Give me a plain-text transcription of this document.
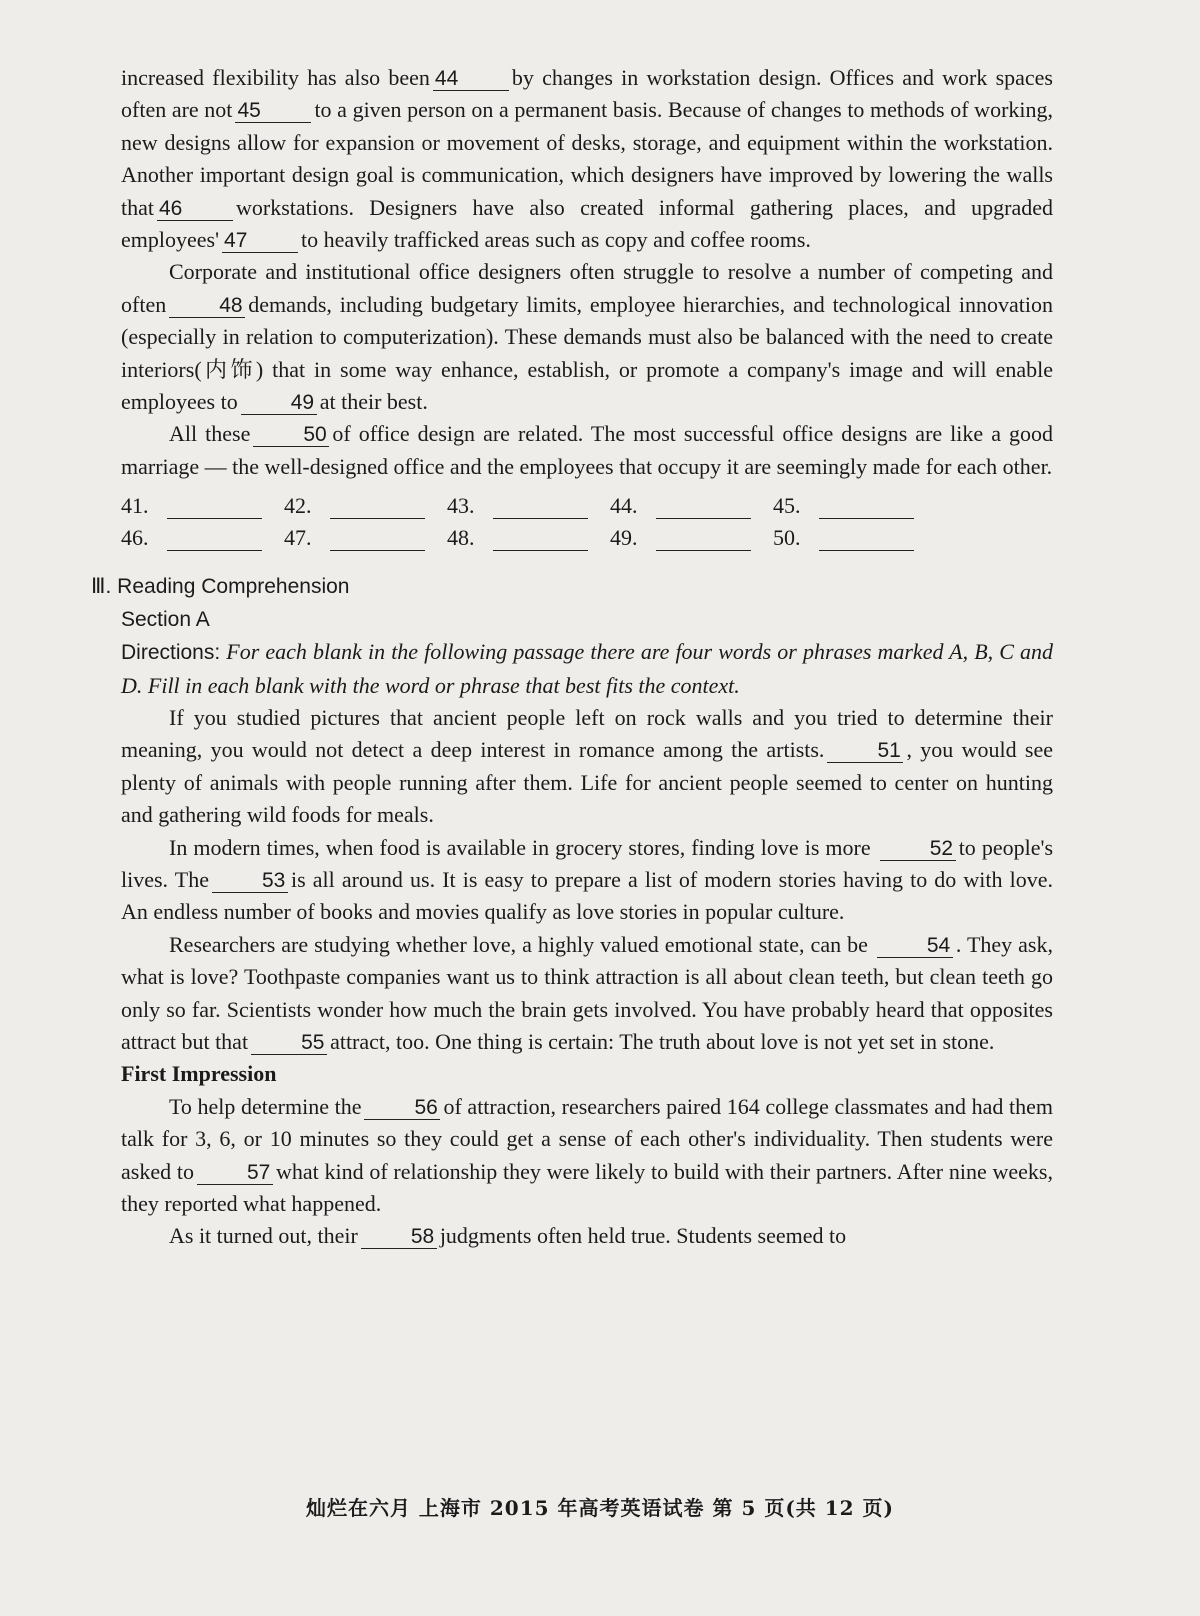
increased flexibility has also been 44 by changes in workstation design. Offices and work spaces often are not 45 to a given person on a permanent basis. Because of changes to methods of working, new designs allow for expansion or movement of desks, storage, and equipment within the workstation. Another important design goal is communication, which designers have improved by lowering the walls that 46 workstations. Designers have also created informal gathering places, and upgraded employees' 47 to heavily trafficked areas such as copy and coffee rooms.

Corporate and institutional office designers often struggle to resolve a number of competing and often	48 demands, including budgetary limits, employee hierarchies, and technological innovation (especially in relation to computerization). These demands must also be balanced with the need to create interiors(内饰) that in some way enhance, establish, or promote a company's image and will enable employees to	49 at their best.

All these	50 of office design are related. The most successful office designs are like a good marriage — the well-designed office and the employees that occupy it are seemingly made for each other.

41.	42.	43.	44.	45.
46.	47.	48.	49.	50.
Ⅲ. Reading Comprehension
Section A
Directions: For each blank in the following passage there are four words or phrases marked A, B, C and D. Fill in each blank with the word or phrase that best fits the context.

If you studied pictures that ancient people left on rock walls and you tried to determine their meaning, you would not detect a deep interest in romance among the artists.	51 , you would see plenty of animals with people running after them. Life for ancient people seemed to center on hunting and gathering wild foods for meals.

In modern times, when food is available in grocery stores, finding love is more	52 to people's lives. The	53 is all around us. It is easy to prepare a list of modern stories having to do with love. An endless number of books and movies qualify as love stories in popular culture.

Researchers are studying whether love, a highly valued emotional state, can be	54 . They ask, what is love? Toothpaste companies want us to think attraction is all about clean teeth, but clean teeth go only so far. Scientists wonder how much the brain gets involved. You have probably heard that opposites attract but that	55 attract, too. One thing is certain: The truth about love is not yet set in stone.

First Impression

To help determine the	56 of attraction, researchers paired 164 college classmates and had them talk for 3, 6, or 10 minutes so they could get a sense of each other's individuality. Then students were asked to	57 what kind of relationship they were likely to build with their partners. After nine weeks, they reported what happened.

As it turned out, their	58 judgments often held true. Students seemed to

灿烂在六月 上海市 2015 年高考英语试卷 第 5 页(共 12 页)
